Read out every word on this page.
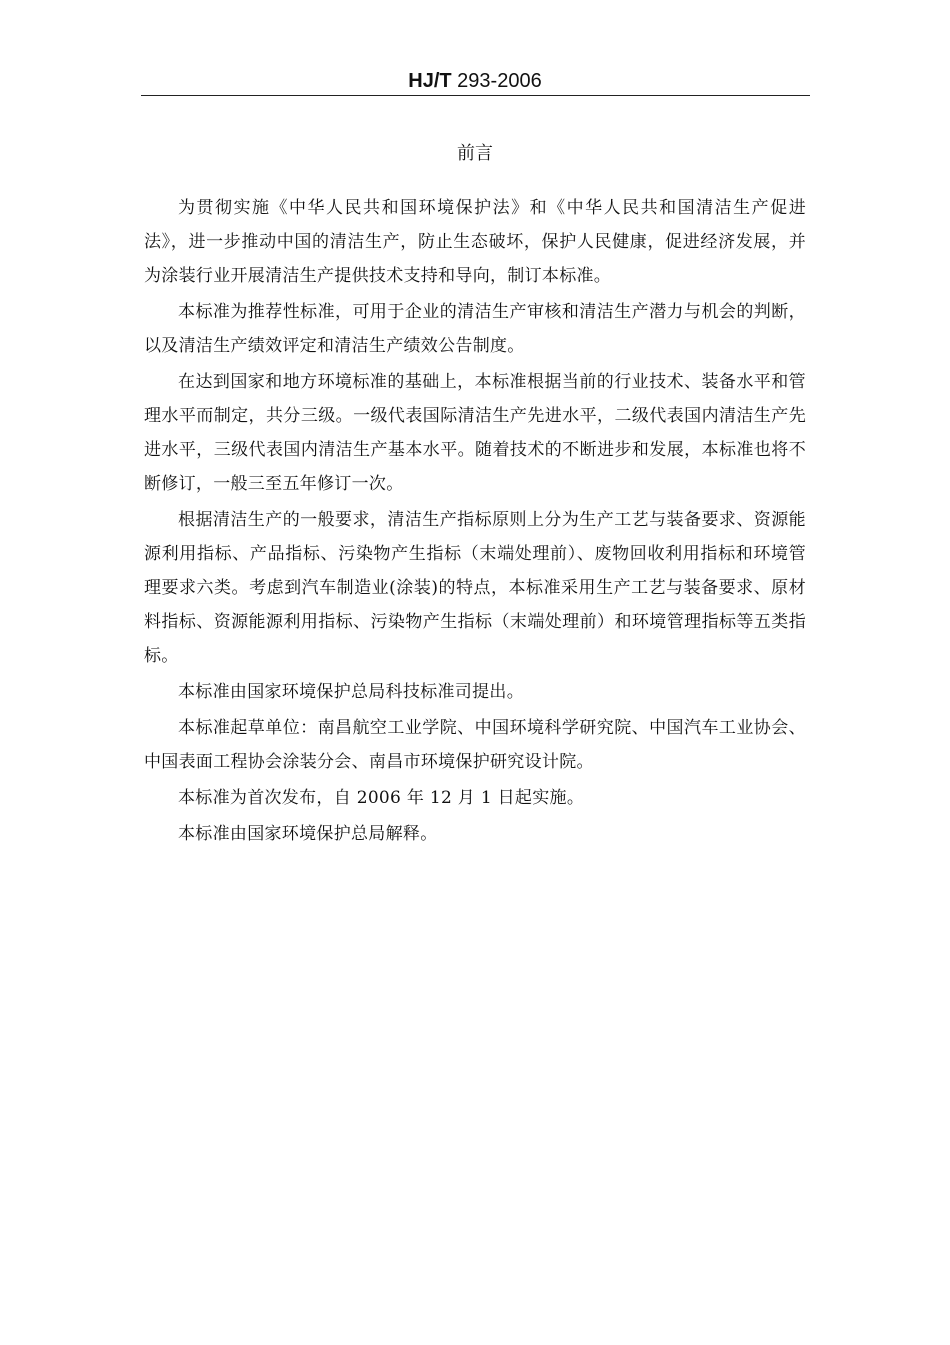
HJ/T 293-2006
前言

为贯彻实施《中华人民共和国环境保护法》和《中华人民共和国清洁生产促进法》，进一步推动中国的清洁生产，防止生态破坏，保护人民健康，促进经济发展，并为涂装行业开展清洁生产提供技术支持和导向，制订本标准。

本标准为推荐性标准，可用于企业的清洁生产审核和清洁生产潜力与机会的判断，以及清洁生产绩效评定和清洁生产绩效公告制度。

在达到国家和地方环境标准的基础上，本标准根据当前的行业技术、装备水平和管理水平而制定，共分三级。一级代表国际清洁生产先进水平，二级代表国内清洁生产先进水平，三级代表国内清洁生产基本水平。随着技术的不断进步和发展，本标准也将不断修订，一般三至五年修订一次。

根据清洁生产的一般要求，清洁生产指标原则上分为生产工艺与装备要求、资源能源利用指标、产品指标、污染物产生指标（末端处理前）、废物回收利用指标和环境管理要求六类。考虑到汽车制造业(涂装)的特点，本标准采用生产工艺与装备要求、原材料指标、资源能源利用指标、污染物产生指标（末端处理前）和环境管理指标等五类指标。

本标准由国家环境保护总局科技标准司提出。

本标准起草单位：南昌航空工业学院、中国环境科学研究院、中国汽车工业协会、中国表面工程协会涂装分会、南昌市环境保护研究设计院。

本标准为首次发布，自 2006 年 12 月 1 日起实施。

本标准由国家环境保护总局解释。
